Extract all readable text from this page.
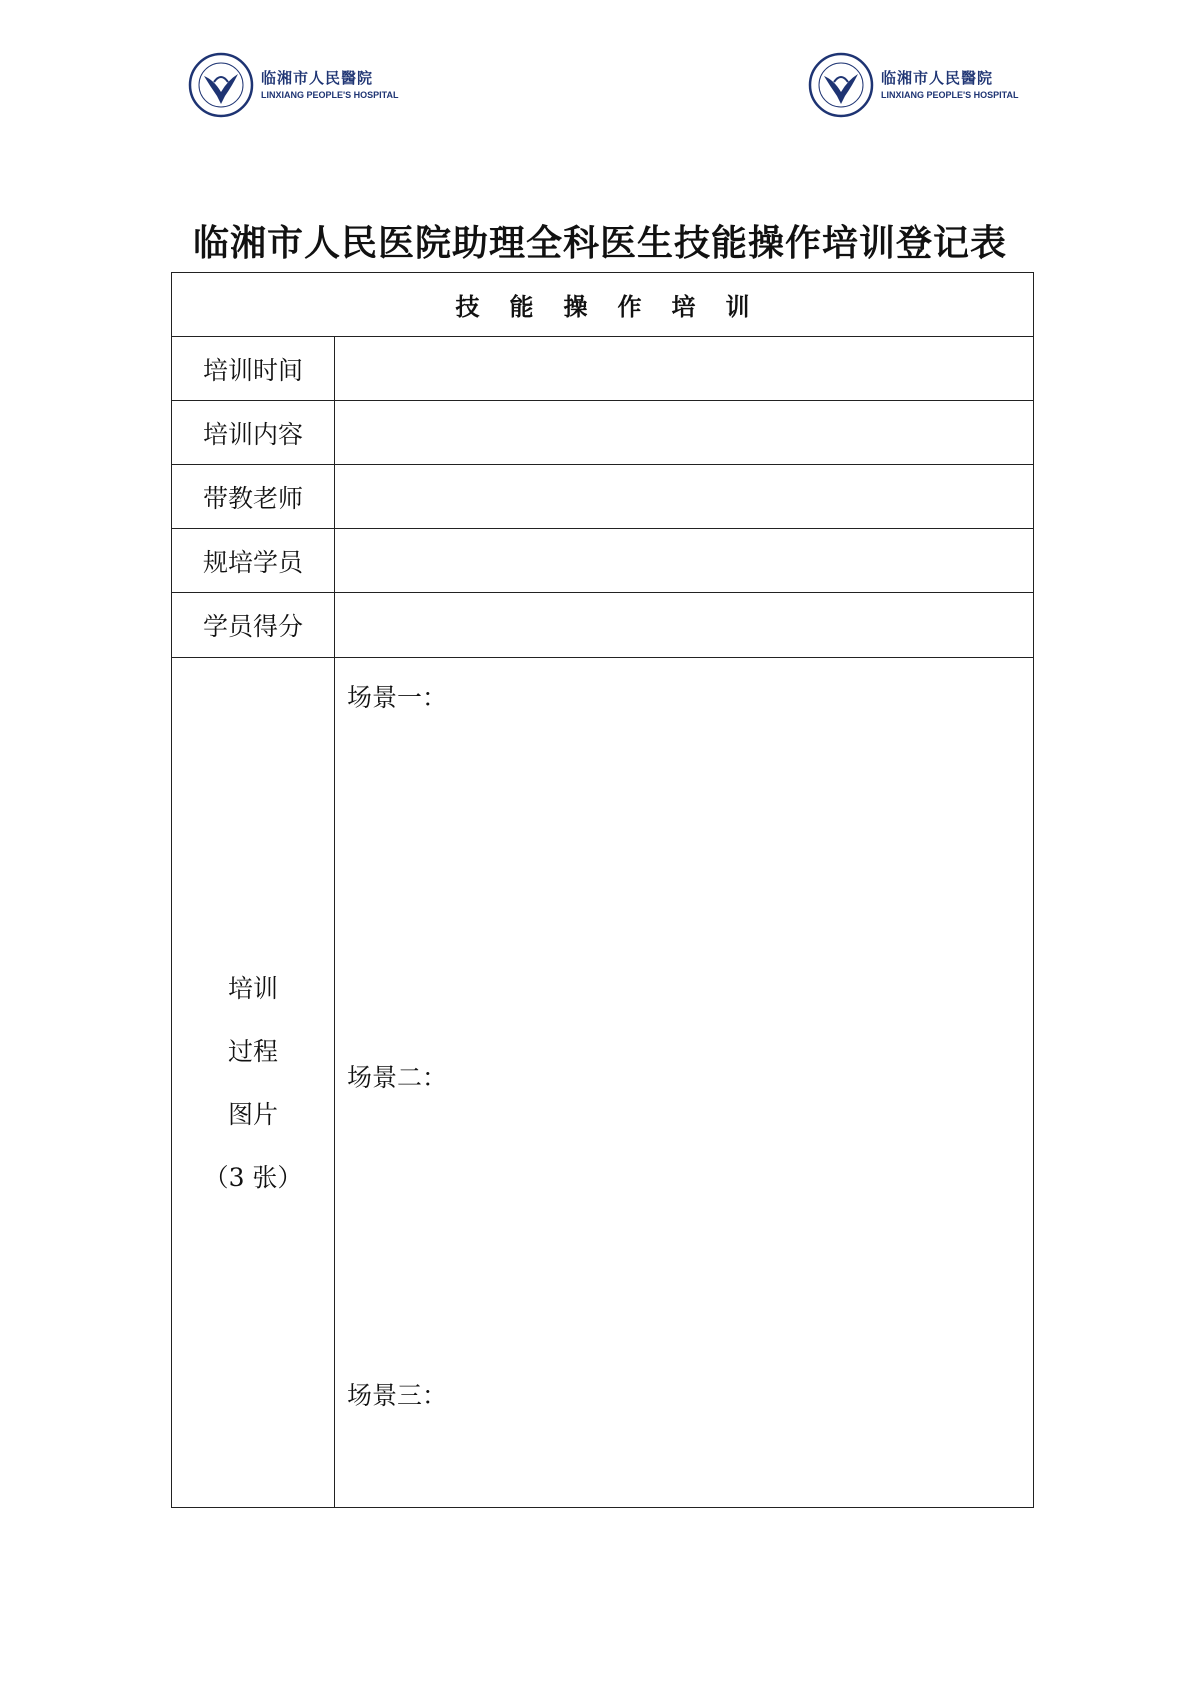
临湘市人民醫院
LINXIANG PEOPLE'S HOSPITAL
临湘市人民醫院
LINXIANG PEOPLE'S HOSPITAL
临湘市人民医院助理全科医生技能操作培训登记表
技能操作培训
培训时间
培训内容
带教老师
规培学员
学员得分
培训
过程
图片
（3 张）
场景一：
场景二：
场景三：
